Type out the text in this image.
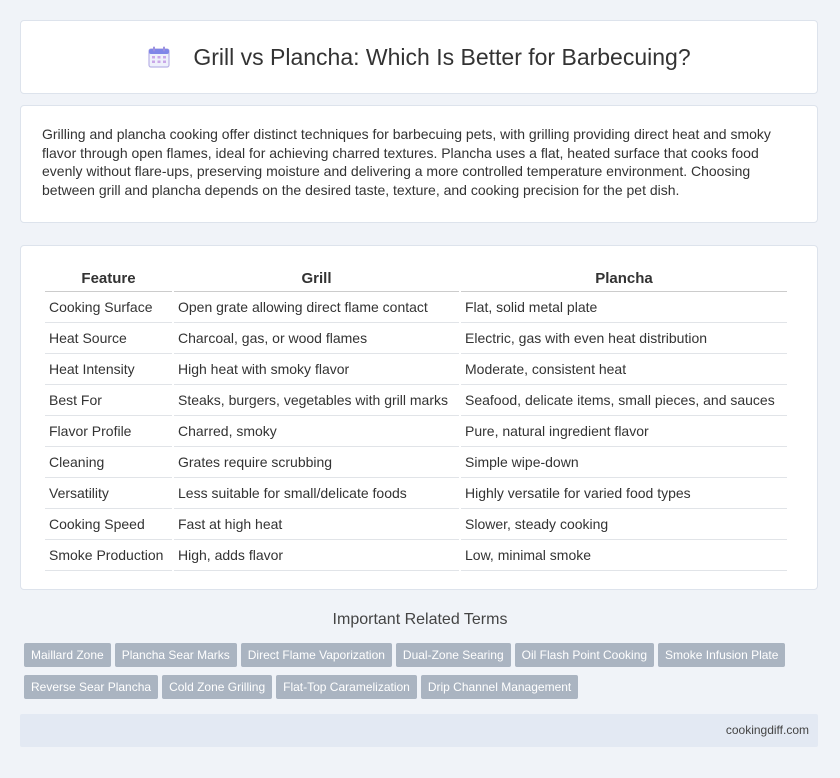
Grill vs Plancha: Which Is Better for Barbecuing?

Grilling and plancha cooking offer distinct techniques for barbecuing pets, with grilling providing direct heat and smoky flavor through open flames, ideal for achieving charred textures. Plancha uses a flat, heated surface that cooks food evenly without flare-ups, preserving moisture and delivering a more controlled temperature environment. Choosing between grill and plancha depends on the desired taste, texture, and cooking precision for the pet dish.

Feature	Grill	Plancha
Cooking Surface	Open grate allowing direct flame contact	Flat, solid metal plate
Heat Source	Charcoal, gas, or wood flames	Electric, gas with even heat distribution
Heat Intensity	High heat with smoky flavor	Moderate, consistent heat
Best For	Steaks, burgers, vegetables with grill marks	Seafood, delicate items, small pieces, and sauces
Flavor Profile	Charred, smoky	Pure, natural ingredient flavor
Cleaning	Grates require scrubbing	Simple wipe-down
Versatility	Less suitable for small/delicate foods	Highly versatile for varied food types
Cooking Speed	Fast at high heat	Slower, steady cooking
Smoke Production	High, adds flavor	Low, minimal smoke
Important Related Terms
Maillard Zone Plancha Sear Marks Direct Flame Vaporization Dual-Zone Searing Oil Flash Point Cooking Smoke Infusion PlateReverse Sear Plancha Cold Zone Grilling Flat-Top Caramelization Drip Channel Management
cookingdiff.com
